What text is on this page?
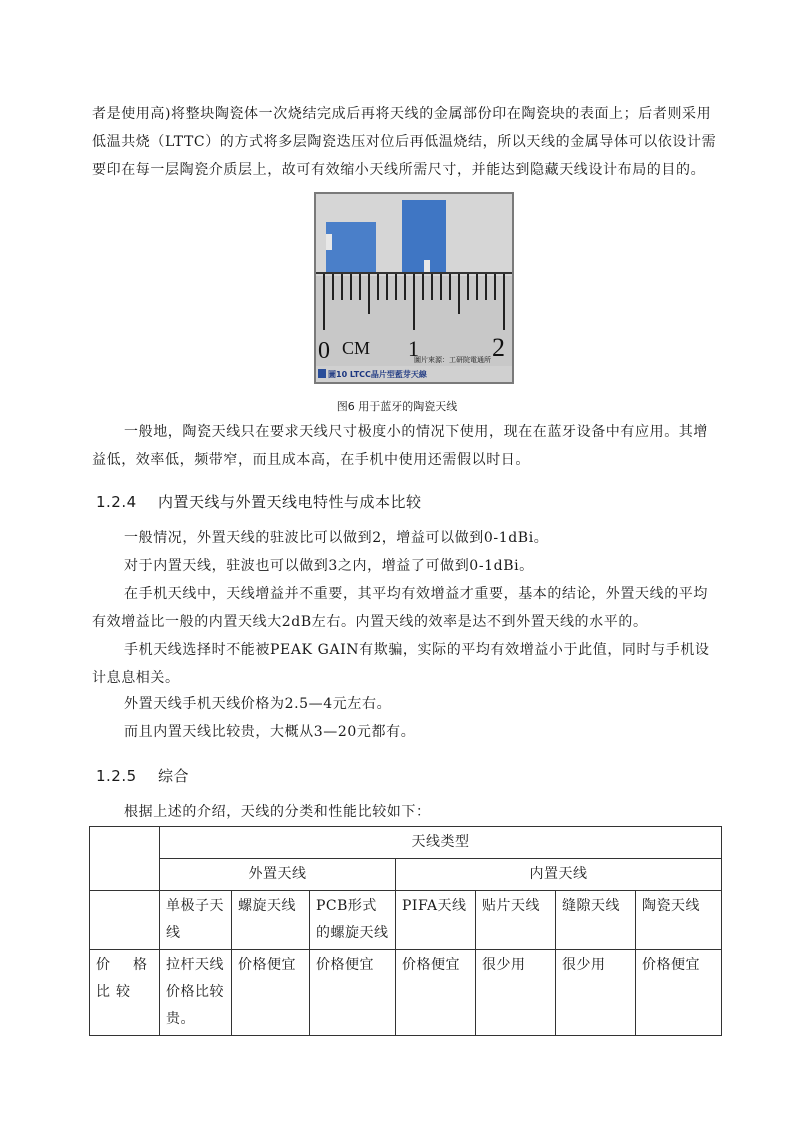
者是使用高)将整块陶瓷体一次烧结完成后再将天线的金属部份印在陶瓷块的表面上；后者则采用低温共烧（LTTC）的方式将多层陶瓷迭压对位后再低温烧结，所以天线的金属导体可以依设计需要印在每一层陶瓷介质层上，故可有效缩小天线所需尺寸，并能达到隐藏天线设计布局的目的。

0 CM 1	2
圖片來源：工研院電通所
圖10 LTCC晶片型藍芽天線
图6 用于蓝牙的陶瓷天线

一般地，陶瓷天线只在要求天线尺寸极度小的情况下使用，现在在蓝牙设备中有应用。其增益低，效率低，频带窄，而且成本高，在手机中使用还需假以时日。

1.2.4 内置天线与外置天线电特性与成本比较

一般情况，外置天线的驻波比可以做到2，增益可以做到0-1dBi。

对于内置天线，驻波也可以做到3之内，增益了可做到0-1dBi。

在手机天线中，天线增益并不重要，其平均有效增益才重要，基本的结论，外置天线的平均有效增益比一般的内置天线大2dB左右。内置天线的效率是达不到外置天线的水平的。

手机天线选择时不能被PEAK GAIN有欺骗，实际的平均有效增益小于此值，同时与手机设计息息相关。

外置天线手机天线价格为2.5—4元左右。

而且内置天线比较贵，大概从3—20元都有。

1.2.5 综合

根据上述的介绍，天线的分类和性能比较如下：

	天线类型						
	外置天线			内置天线			
	单极子天线	螺旋天线	PCB形式的螺旋天线	PIFA天线	贴片天线	缝隙天线	陶瓷天线
价格比较	拉杆天线价格比较贵。	价格便宜	价格便宜	价格便宜	很少用	很少用	价格便宜
